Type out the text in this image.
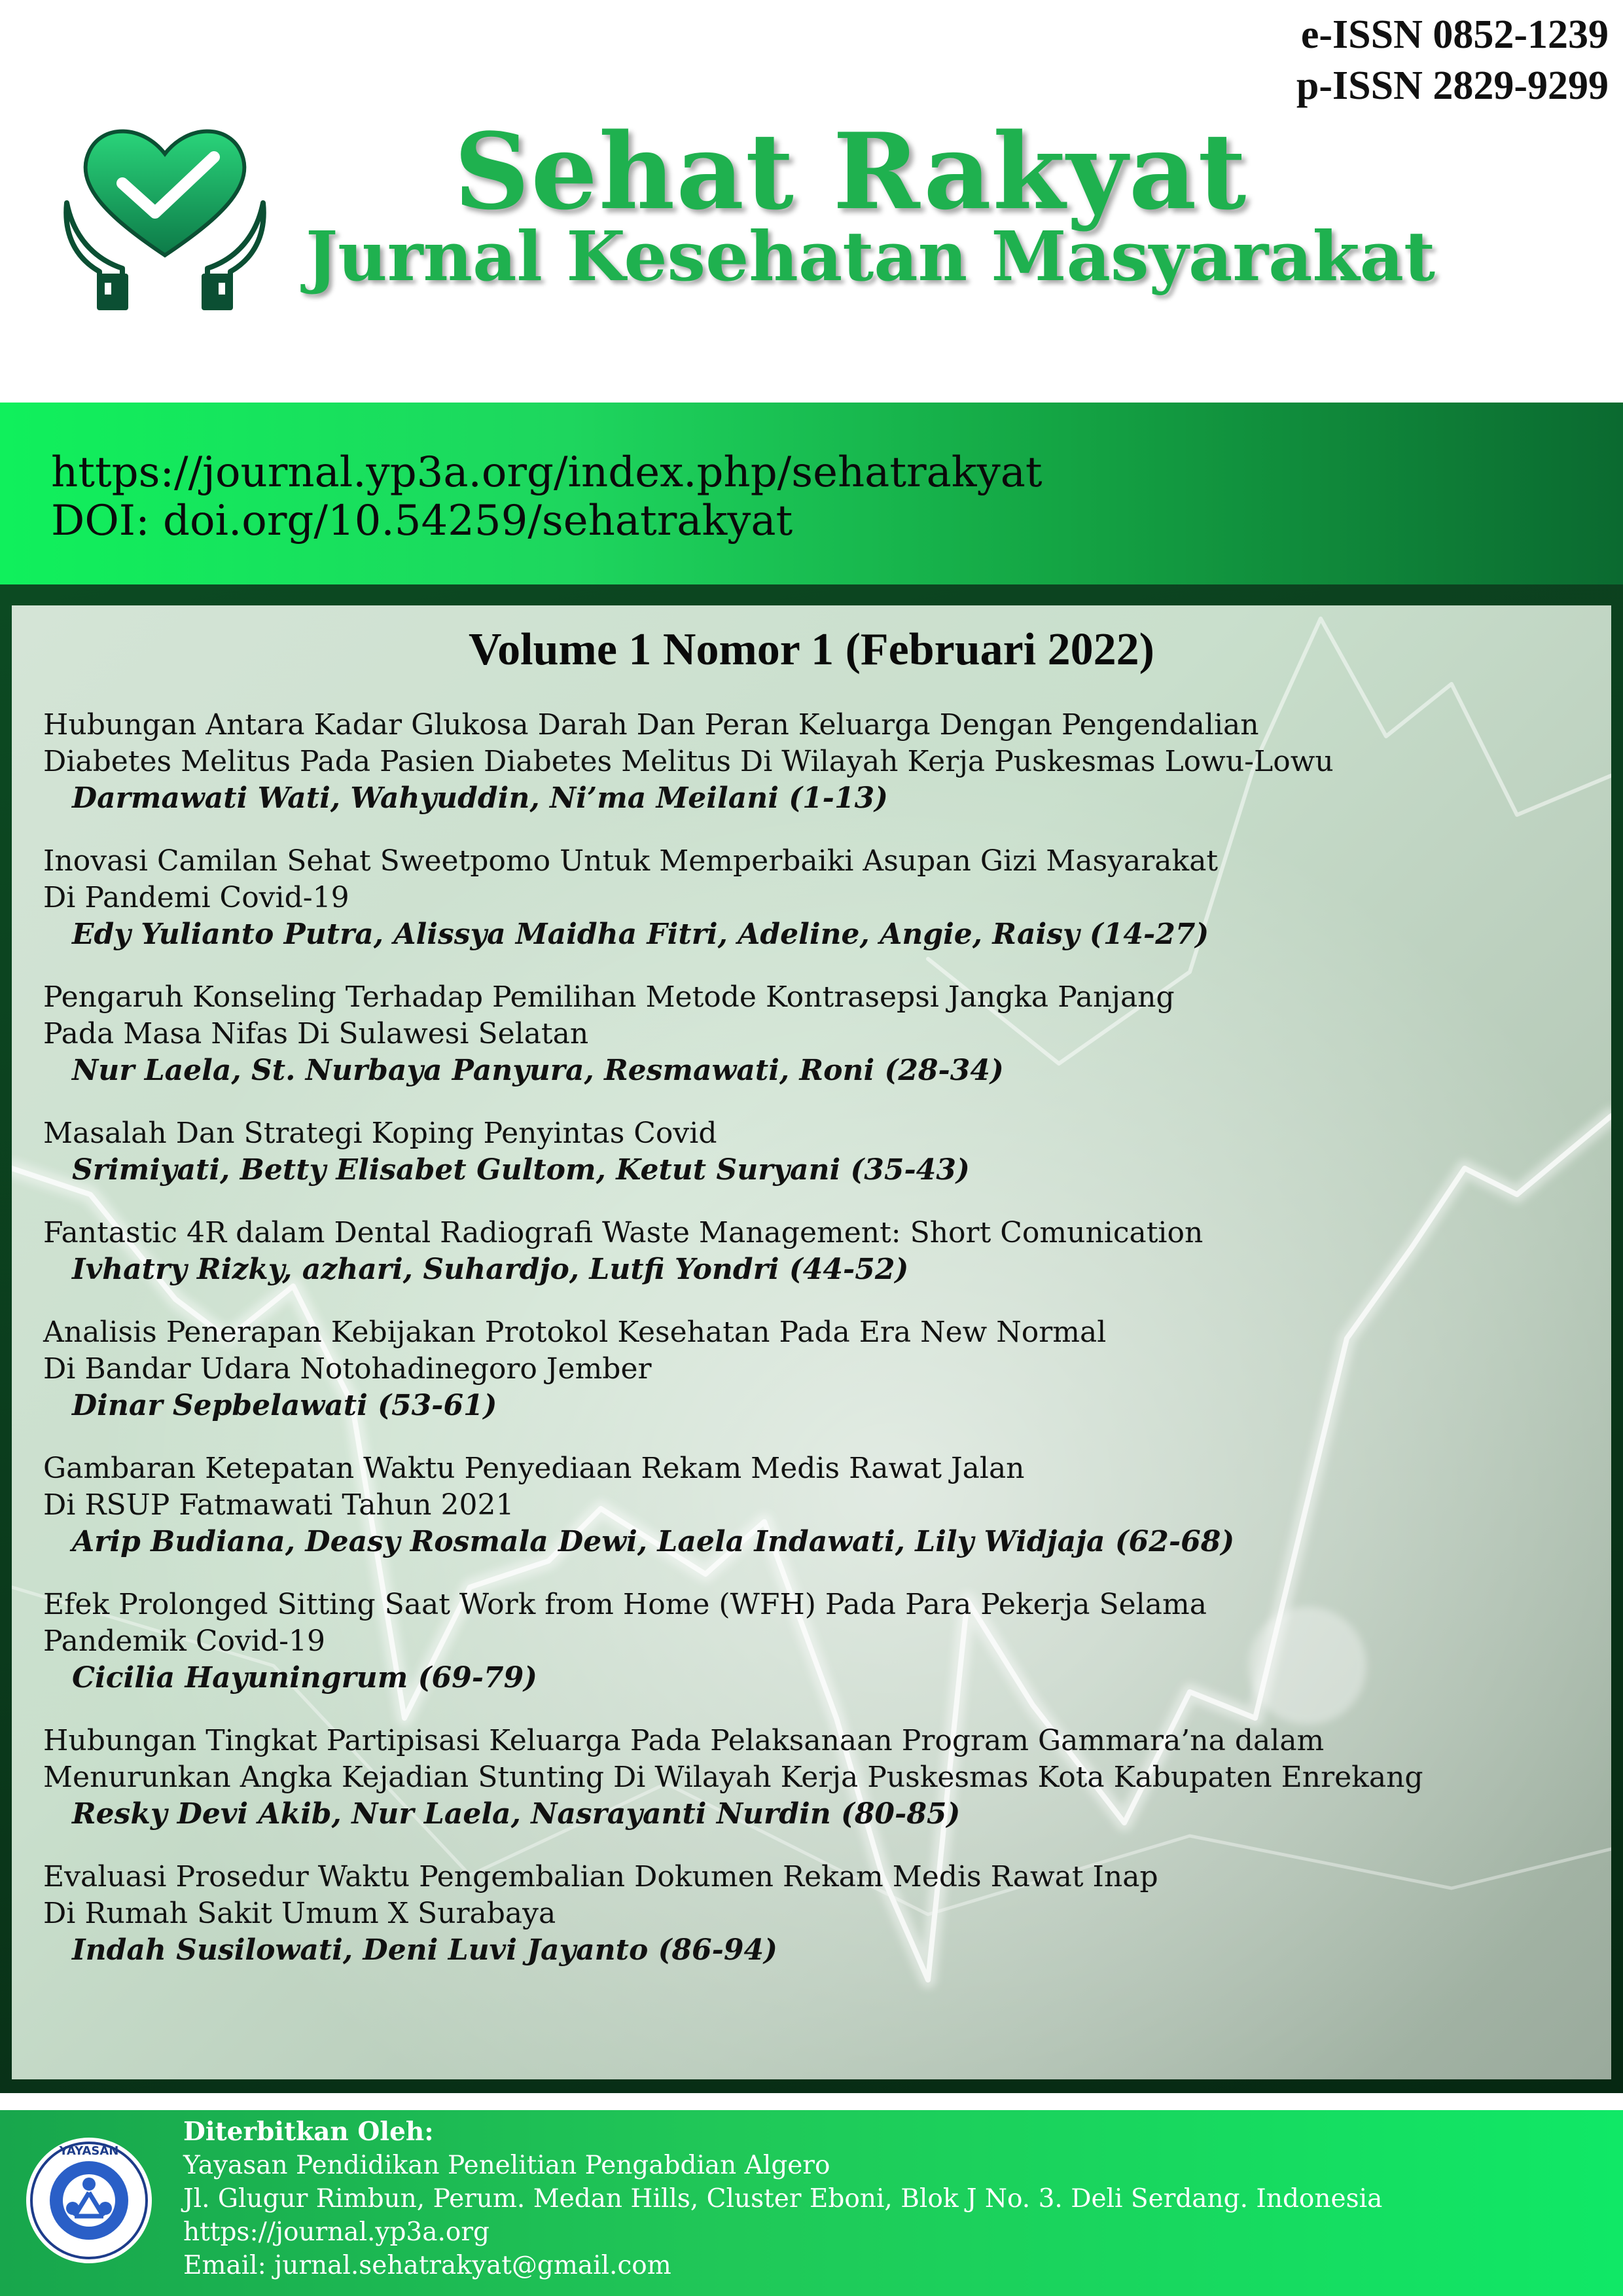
e-ISSN 0852-1239
p-ISSN 2829-9299
Sehat Rakyat
Jurnal Kesehatan Masyarakat
https://journal.yp3a.org/index.php/sehatrakyat
DOI: doi.org/10.54259/sehatrakyat
Volume 1 Nomor 1 (Februari 2022)
Hubungan Antara Kadar Glukosa Darah Dan Peran Keluarga Dengan Pengendalian
Diabetes Melitus Pada Pasien Diabetes Melitus Di Wilayah Kerja Puskesmas Lowu-Lowu
Darmawati Wati, Wahyuddin, Ni’ma Meilani (1-13)
Inovasi Camilan Sehat Sweetpomo Untuk Memperbaiki Asupan Gizi Masyarakat
Di Pandemi Covid-19
Edy Yulianto Putra, Alissya Maidha Fitri, Adeline, Angie, Raisy (14-27)
Pengaruh Konseling Terhadap Pemilihan Metode Kontrasepsi Jangka Panjang
Pada Masa Nifas Di Sulawesi Selatan
Nur Laela, St. Nurbaya Panyura, Resmawati, Roni (28-34)
Masalah Dan Strategi Koping Penyintas Covid
Srimiyati, Betty Elisabet Gultom, Ketut Suryani (35-43)
Fantastic 4R dalam Dental Radiografi Waste Management: Short Comunication
Ivhatry Rizky, azhari, Suhardjo, Lutfi Yondri (44-52)
Analisis Penerapan Kebijakan Protokol Kesehatan Pada Era New Normal
Di Bandar Udara Notohadinegoro Jember
Dinar Sepbelawati (53-61)
Gambaran Ketepatan Waktu Penyediaan Rekam Medis Rawat Jalan
Di RSUP Fatmawati Tahun 2021
Arip Budiana, Deasy Rosmala Dewi, Laela Indawati, Lily Widjaja (62-68)
Efek Prolonged Sitting Saat Work from Home (WFH) Pada Para Pekerja Selama
Pandemik Covid-19
Cicilia Hayuningrum (69-79)
Hubungan Tingkat Partipisasi Keluarga Pada Pelaksanaan Program Gammara’na dalam
Menurunkan Angka Kejadian Stunting Di Wilayah Kerja Puskesmas Kota Kabupaten Enrekang
Resky Devi Akib, Nur Laela, Nasrayanti Nurdin (80-85)
Evaluasi Prosedur Waktu Pengembalian Dokumen Rekam Medis Rawat Inap
Di Rumah Sakit Umum X Surabaya
Indah Susilowati, Deni Luvi Jayanto (86-94)
YAYASAN
Diterbitkan Oleh:
Yayasan Pendidikan Penelitian Pengabdian Algero
Jl. Glugur Rimbun, Perum. Medan Hills, Cluster Eboni, Blok J No. 3. Deli Serdang. Indonesia
https://journal.yp3a.org
Email: jurnal.sehatrakyat@gmail.com
